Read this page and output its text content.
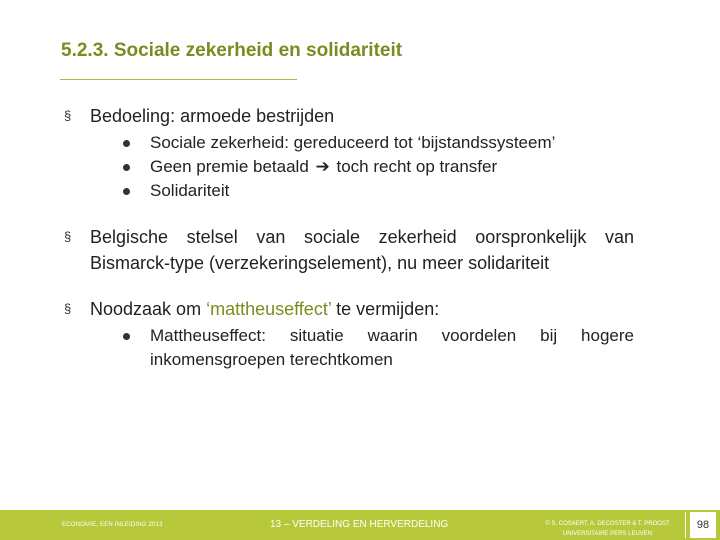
5.2.3. Sociale zekerheid en solidariteit
§ Bedoeling: armoede bestrijden
Sociale zekerheid: gereduceerd tot ‘bijstandssysteem’
Geen premie betaald ➔ toch recht op transfer
Solidariteit
§ Belgische stelsel van sociale zekerheid oorspronkelijk van Bismarck-type (verzekeringselement), nu meer solidariteit
§ Noodzaak om ‘mattheuseffect’ te vermijden:
Mattheuseffect: situatie waarin voordelen bij hogere inkomensgroepen terechtkomen
ECONOMIE, EEN INLEIDING 2013	13 – VERDELING EN HERVERDELING	© S. COSAERT, A. DECOSTER & T. PROOST
UNIVERSITAIRE PERS LEUVEN
98
